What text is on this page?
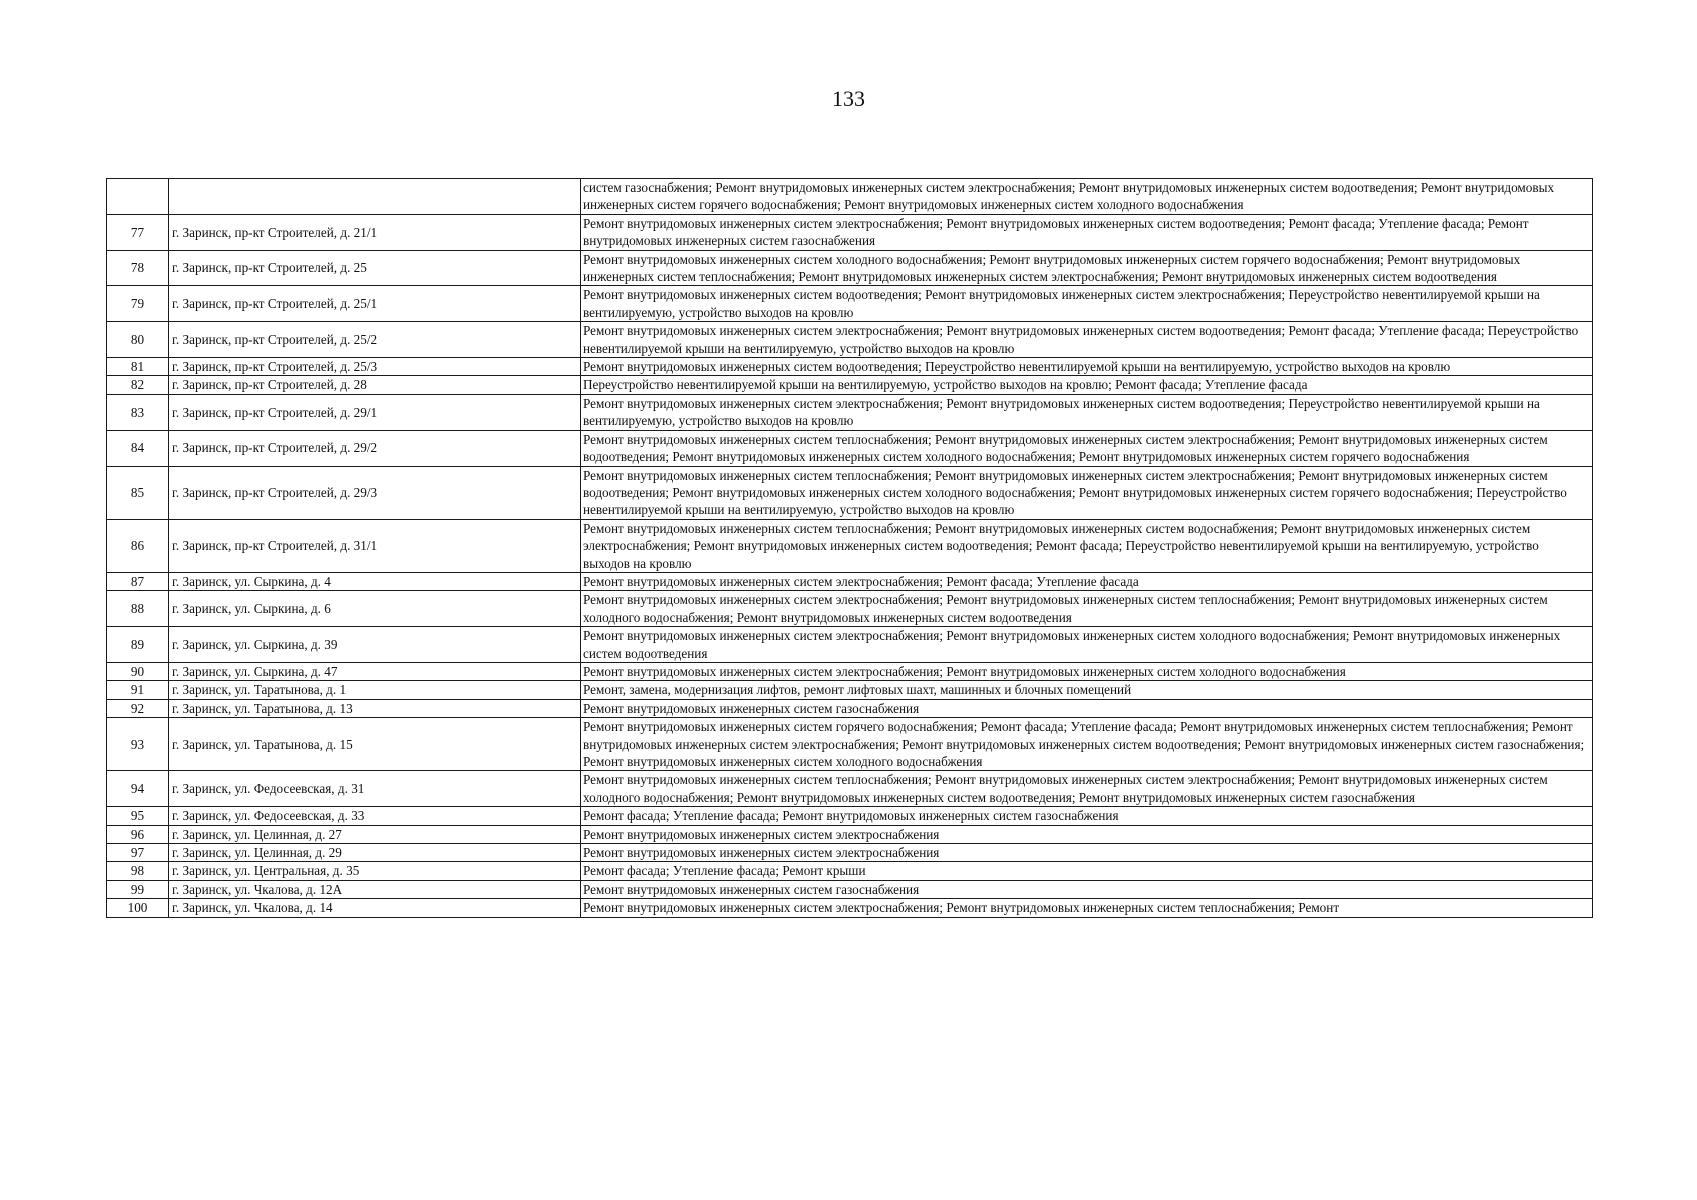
133
		систем газоснабжения; Ремонт внутридомовых инженерных систем электроснабжения; Ремонт внутридомовых инженерных систем водоотведения; Ремонт внутридомовых инженерных систем горячего водоснабжения; Ремонт внутридомовых инженерных систем холодного водоснабжения
77	г. Заринск, пр-кт Строителей, д. 21/1	Ремонт внутридомовых инженерных систем электроснабжения; Ремонт внутридомовых инженерных систем водоотведения; Ремонт фасада; Утепление фасада; Ремонт внутридомовых инженерных систем газоснабжения
78	г. Заринск, пр-кт Строителей, д. 25	Ремонт внутридомовых инженерных систем холодного водоснабжения; Ремонт внутридомовых инженерных систем горячего водоснабжения; Ремонт внутридомовых инженерных систем теплоснабжения; Ремонт внутридомовых инженерных систем электроснабжения; Ремонт внутридомовых инженерных систем водоотведения
79	г. Заринск, пр-кт Строителей, д. 25/1	Ремонт внутридомовых инженерных систем водоотведения; Ремонт внутридомовых инженерных систем электроснабжения; Переустройство невентилируемой крыши на вентилируемую, устройство выходов на кровлю
80	г. Заринск, пр-кт Строителей, д. 25/2	Ремонт внутридомовых инженерных систем электроснабжения; Ремонт внутридомовых инженерных систем водоотведения; Ремонт фасада; Утепление фасада; Переустройство невентилируемой крыши на вентилируемую, устройство выходов на кровлю
81	г. Заринск, пр-кт Строителей, д. 25/3	Ремонт внутридомовых инженерных систем водоотведения; Переустройство невентилируемой крыши на вентилируемую, устройство выходов на кровлю
82	г. Заринск, пр-кт Строителей, д. 28	Переустройство невентилируемой крыши на вентилируемую, устройство выходов на кровлю; Ремонт фасада; Утепление фасада
83	г. Заринск, пр-кт Строителей, д. 29/1	Ремонт внутридомовых инженерных систем электроснабжения; Ремонт внутридомовых инженерных систем водоотведения; Переустройство невентилируемой крыши на вентилируемую, устройство выходов на кровлю
84	г. Заринск, пр-кт Строителей, д. 29/2	Ремонт внутридомовых инженерных систем теплоснабжения; Ремонт внутридомовых инженерных систем электроснабжения; Ремонт внутридомовых инженерных систем водоотведения; Ремонт внутридомовых инженерных систем холодного водоснабжения; Ремонт внутридомовых инженерных систем горячего водоснабжения
85	г. Заринск, пр-кт Строителей, д. 29/3	Ремонт внутридомовых инженерных систем теплоснабжения; Ремонт внутридомовых инженерных систем электроснабжения; Ремонт внутридомовых инженерных систем водоотведения; Ремонт внутридомовых инженерных систем холодного водоснабжения; Ремонт внутридомовых инженерных систем горячего водоснабжения; Переустройство невентилируемой крыши на вентилируемую, устройство выходов на кровлю
86	г. Заринск, пр-кт Строителей, д. 31/1	Ремонт внутридомовых инженерных систем теплоснабжения; Ремонт внутридомовых инженерных систем водоснабжения; Ремонт внутридомовых инженерных систем электроснабжения; Ремонт внутридомовых инженерных систем водоотведения; Ремонт фасада; Переустройство невентилируемой крыши на вентилируемую, устройство выходов на кровлю
87	г. Заринск, ул. Сыркина, д. 4	Ремонт внутридомовых инженерных систем электроснабжения; Ремонт фасада; Утепление фасада
88	г. Заринск, ул. Сыркина, д. 6	Ремонт внутридомовых инженерных систем электроснабжения; Ремонт внутридомовых инженерных систем теплоснабжения; Ремонт внутридомовых инженерных систем холодного водоснабжения; Ремонт внутридомовых инженерных систем водоотведения
89	г. Заринск, ул. Сыркина, д. 39	Ремонт внутридомовых инженерных систем электроснабжения; Ремонт внутридомовых инженерных систем холодного водоснабжения; Ремонт внутридомовых инженерных систем водоотведения
90	г. Заринск, ул. Сыркина, д. 47	Ремонт внутридомовых инженерных систем электроснабжения; Ремонт внутридомовых инженерных систем холодного водоснабжения
91	г. Заринск, ул. Таратынова, д. 1	Ремонт, замена, модернизация лифтов, ремонт лифтовых шахт, машинных и блочных помещений
92	г. Заринск, ул. Таратынова, д. 13	Ремонт внутридомовых инженерных систем газоснабжения
93	г. Заринск, ул. Таратынова, д. 15	Ремонт внутридомовых инженерных систем горячего водоснабжения; Ремонт фасада; Утепление фасада; Ремонт внутридомовых инженерных систем теплоснабжения; Ремонт внутридомовых инженерных систем электроснабжения; Ремонт внутридомовых инженерных систем водоотведения; Ремонт внутридомовых инженерных систем газоснабжения; Ремонт внутридомовых инженерных систем холодного водоснабжения
94	г. Заринск, ул. Федосеевская, д. 31	Ремонт внутридомовых инженерных систем теплоснабжения; Ремонт внутридомовых инженерных систем электроснабжения; Ремонт внутридомовых инженерных систем холодного водоснабжения; Ремонт внутридомовых инженерных систем водоотведения; Ремонт внутридомовых инженерных систем газоснабжения
95	г. Заринск, ул. Федосеевская, д. 33	Ремонт фасада; Утепление фасада; Ремонт внутридомовых инженерных систем газоснабжения
96	г. Заринск, ул. Целинная, д. 27	Ремонт внутридомовых инженерных систем электроснабжения
97	г. Заринск, ул. Целинная, д. 29	Ремонт внутридомовых инженерных систем электроснабжения
98	г. Заринск, ул. Центральная, д. 35	Ремонт фасада; Утепление фасада; Ремонт крыши
99	г. Заринск, ул. Чкалова, д. 12А	Ремонт внутридомовых инженерных систем газоснабжения
100	г. Заринск, ул. Чкалова, д. 14	Ремонт внутридомовых инженерных систем электроснабжения; Ремонт внутридомовых инженерных систем теплоснабжения; Ремонт
